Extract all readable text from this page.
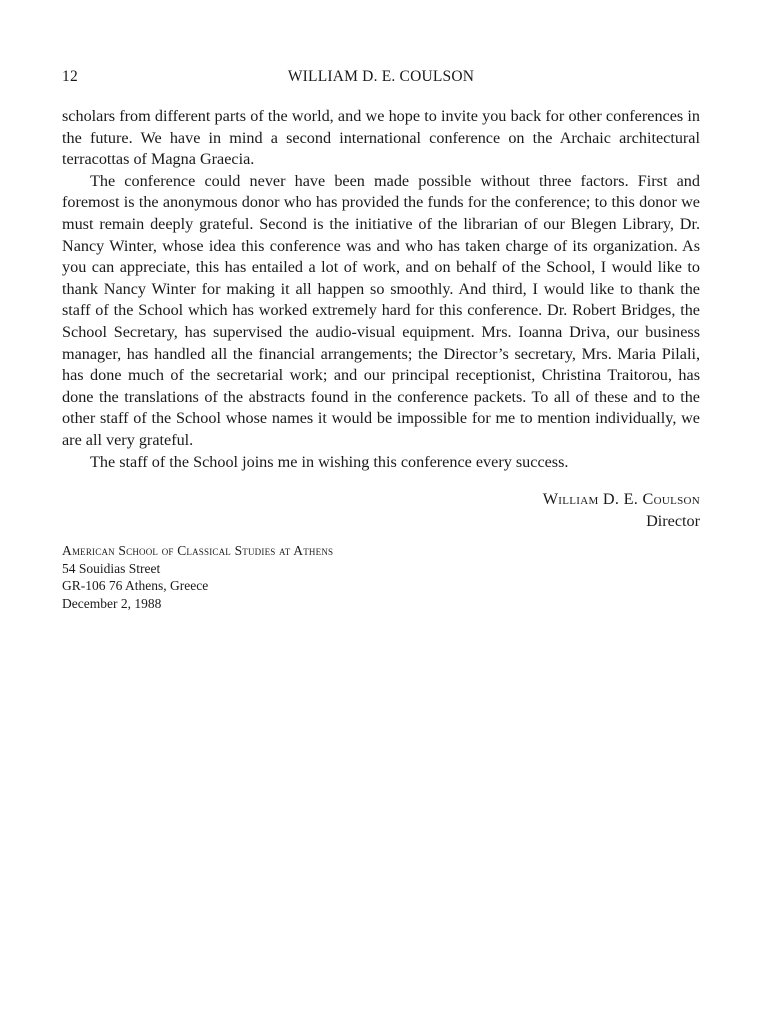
12	WILLIAM D. E. COULSON

scholars from different parts of the world, and we hope to invite you back for other conferences in the future. We have in mind a second international conference on the Archaic architectural terracottas of Magna Graecia.

The conference could never have been made possible without three factors. First and foremost is the anonymous donor who has provided the funds for the conference; to this donor we must remain deeply grateful. Second is the initiative of the librarian of our Blegen Library, Dr. Nancy Winter, whose idea this conference was and who has taken charge of its organization. As you can appreciate, this has entailed a lot of work, and on behalf of the School, I would like to thank Nancy Winter for making it all happen so smoothly. And third, I would like to thank the staff of the School which has worked extremely hard for this conference. Dr. Robert Bridges, the School Secretary, has supervised the audio-visual equipment. Mrs. Ioanna Driva, our business manager, has handled all the financial arrangements; the Director’s secretary, Mrs. Maria Pilali, has done much of the secretarial work; and our principal receptionist, Christina Traitorou, has done the translations of the abstracts found in the conference packets. To all of these and to the other staff of the School whose names it would be impossible for me to mention individually, we are all very grateful.

The staff of the School joins me in wishing this conference every success.

William D. E. Coulson
Director
American School of Classical Studies at Athens
54 Souidias Street
GR-106 76 Athens, Greece
December 2, 1988
